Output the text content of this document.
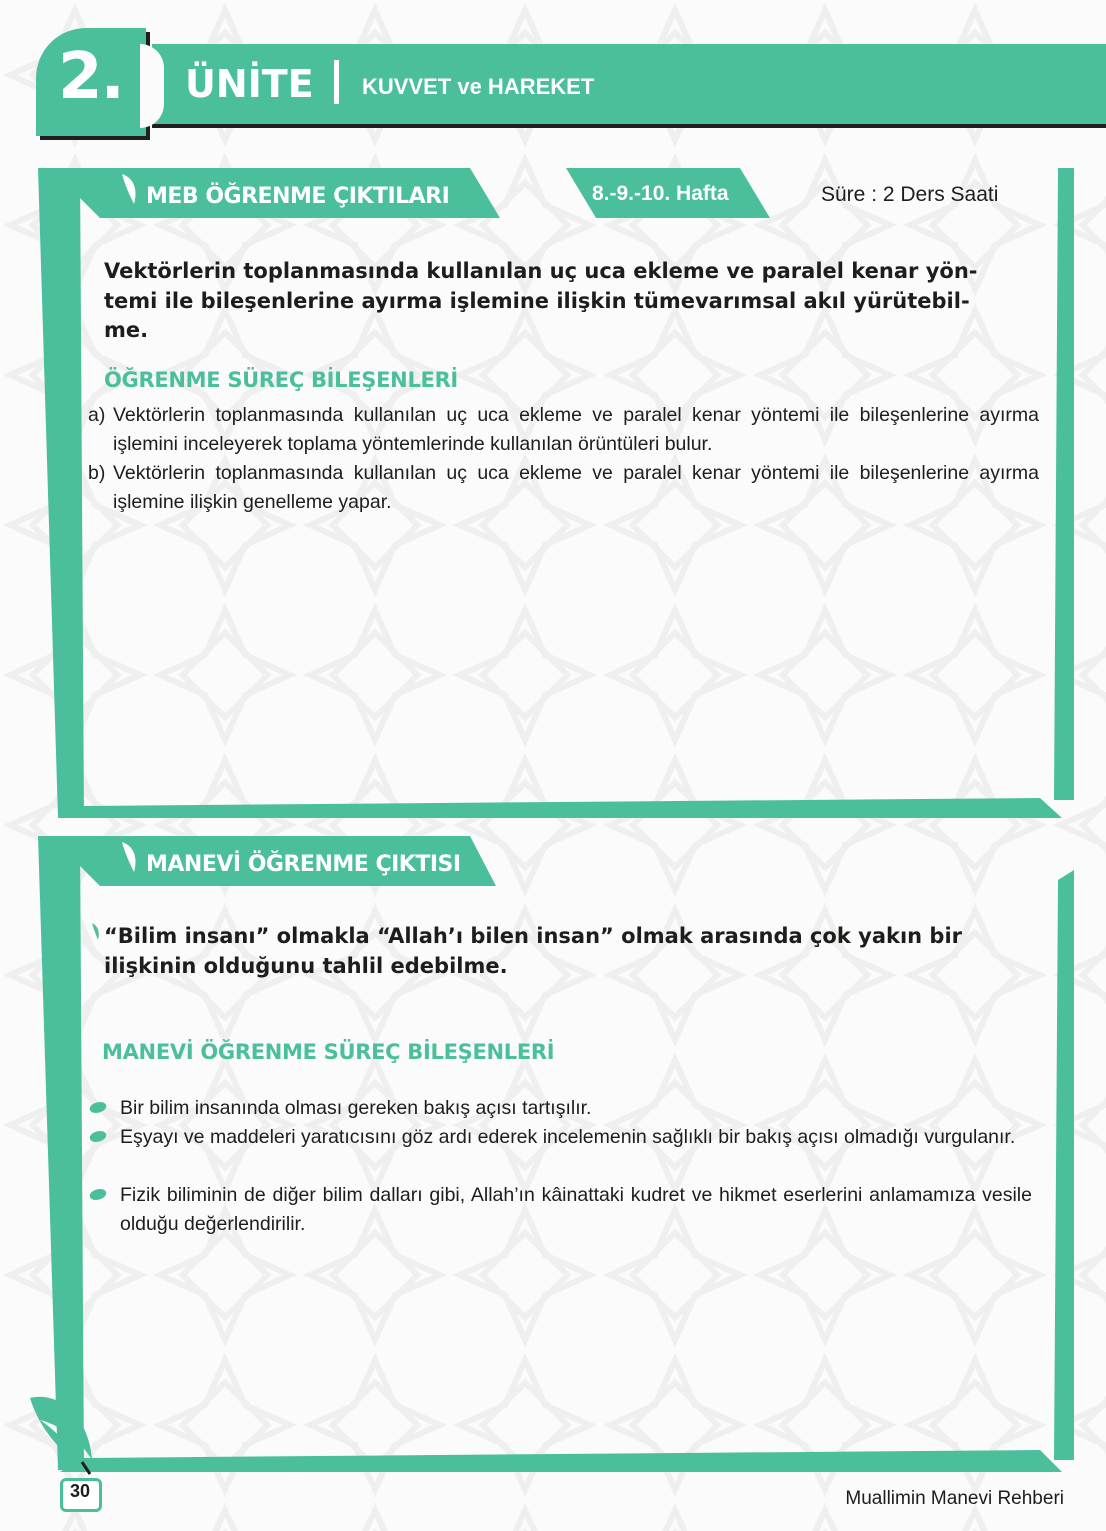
2. ÜNİTE KUVVET ve HAREKET
MEB ÖĞRENME ÇIKTILARI	8.-9.-10. Hafta	Süre : 2 Ders Saati
Vektörlerin toplanmasında kullanılan uç uca ekleme ve paralel kenar yön-
temi ile bileşenlerine ayırma işlemine ilişkin tümevarımsal akıl yürütebil-
me.
ÖĞRENME SÜREÇ BİLEŞENLERİ
a) Vektörlerin toplanmasında kullanılan uç uca ekleme ve paralel kenar yöntemi ile bileşenlerine ayırma işlemini inceleyerek toplama yöntemlerinde kullanılan örüntüleri bulur.
b) Vektörlerin toplanmasında kullanılan uç uca ekleme ve paralel kenar yöntemi ile bileşenlerine ayırma işlemine ilişkin genelleme yapar.
MANEVİ ÖĞRENME ÇIKTISI
“Bilim insanı” olmakla “Allah’ı bilen insan” olmak arasında çok yakın bir
ilişkinin olduğunu tahlil edebilme.
MANEVİ ÖĞRENME SÜREÇ BİLEŞENLERİ
Bir bilim insanında olması gereken bakış açısı tartışılır.
Eşyayı ve maddeleri yaratıcısını göz ardı ederek incelemenin sağlıklı bir bakış açısı olmadığı vurgulanır.
Fizik biliminin de diğer bilim dalları gibi, Allah’ın kâinattaki kudret ve hikmet eserlerini anlamamıza vesile olduğu değerlendirilir.
30	Muallimin Manevi Rehberi
